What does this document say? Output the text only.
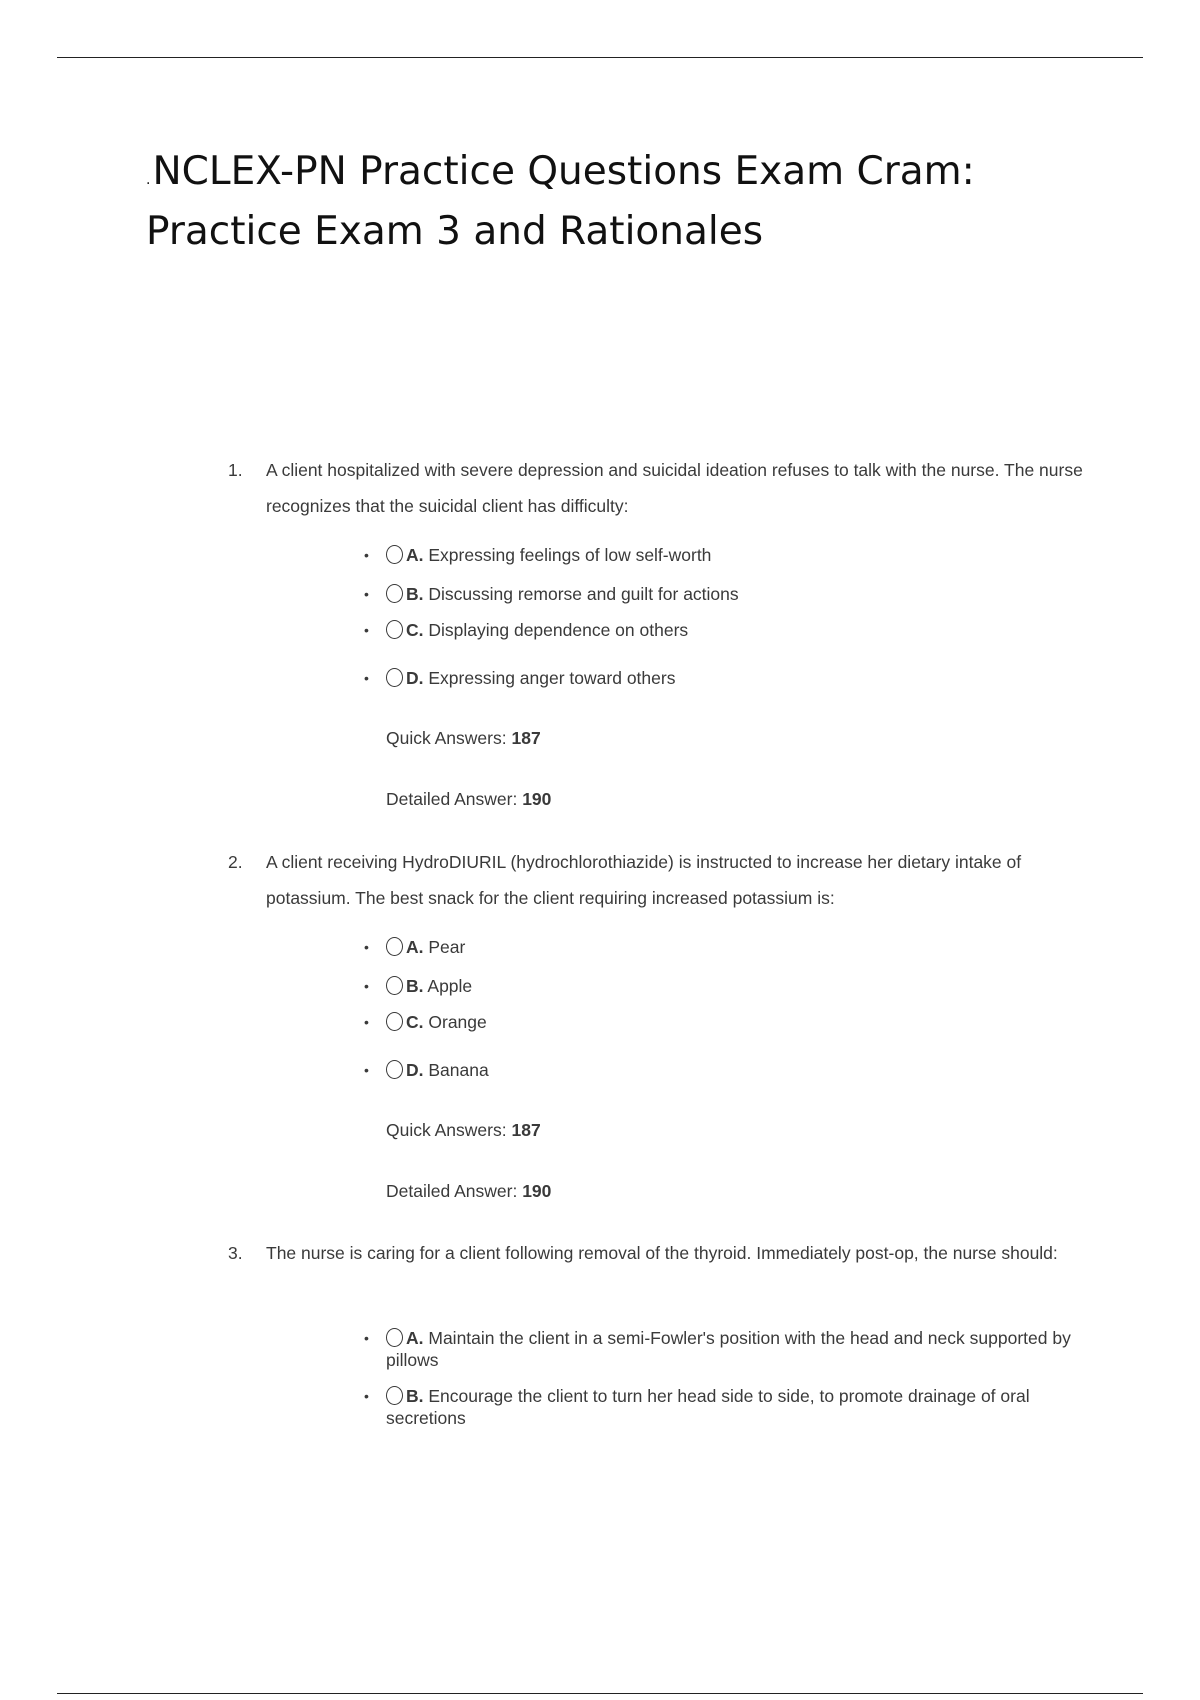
.NCLEX-PN Practice Questions Exam Cram: Practice Exam 3 and Rationales
1. A client hospitalized with severe depression and suicidal ideation refuses to talk with the nurse. The nurse recognizes that the suicidal client has difficulty:
• A. Expressing feelings of low self-worth
• B. Discussing remorse and guilt for actions
• C. Displaying dependence on others
• D. Expressing anger toward others
Quick Answers: 187
Detailed Answer: 190
2. A client receiving HydroDIURIL (hydrochlorothiazide) is instructed to increase her dietary intake of potassium. The best snack for the client requiring increased potassium is:
• A. Pear
• B. Apple
• C. Orange
• D. Banana
Quick Answers: 187
Detailed Answer: 190
3. The nurse is caring for a client following removal of the thyroid. Immediately post-op, the nurse should:
• A. Maintain the client in a semi-Fowler's position with the head and neck supported by pillows
• B. Encourage the client to turn her head side to side, to promote drainage of oral secretions
